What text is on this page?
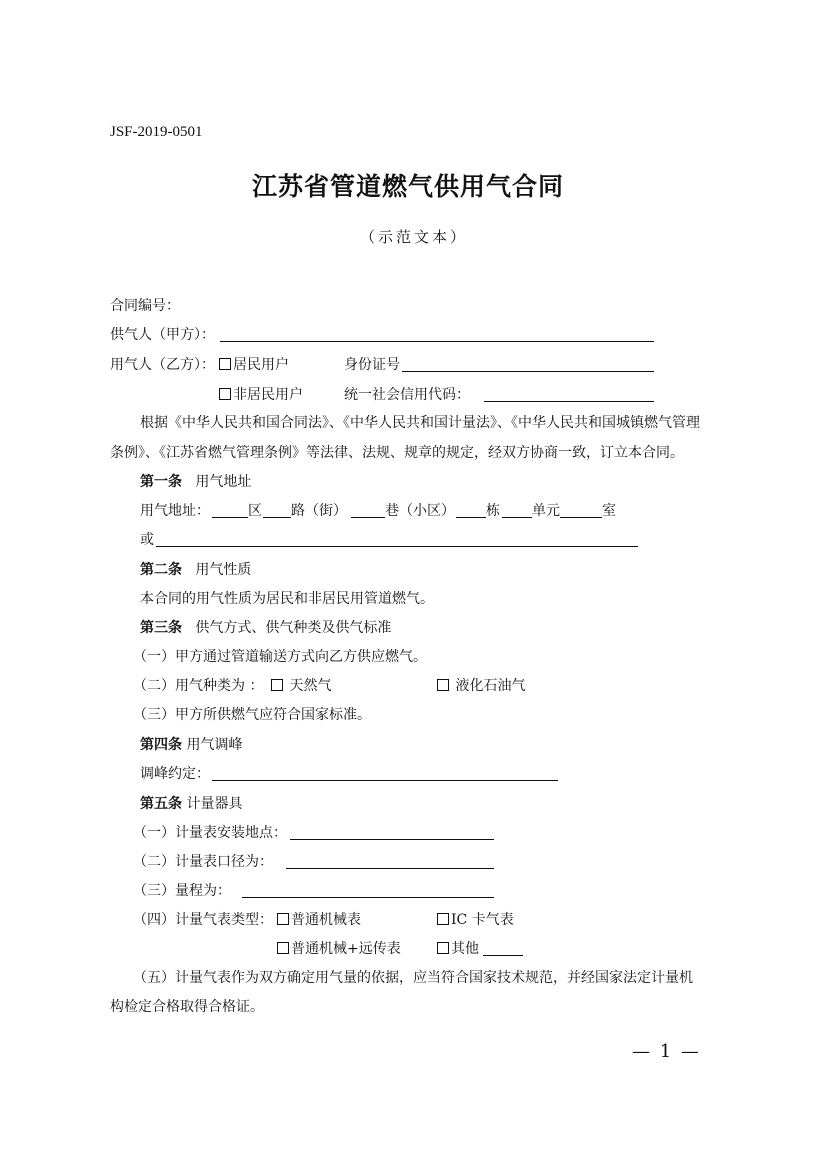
JSF-2019-0501
江苏省管道燃气供用气合同
（示范文本）
合同编号：
供气人（甲方）：
用气人（乙方）：	居民用户	身份证号
非居民用户	统一社会信用代码：
根据《中华人民共和国合同法》、《中华人民共和国计量法》、《中华人民共和国城镇燃气管理
条例》、《江苏省燃气管理条例》等法律、法规、规章的规定，经双方协商一致，订立本合同。
第一条 用气地址
用气地址：	区 路（街）	巷（小区） 栋 单元	室
或
第二条 用气性质
本合同的用气性质为居民和非居民用管道燃气。
第三条 供气方式、供气种类及供气标准
（一）甲方通过管道输送方式向乙方供应燃气。
（二）用气种类为 ：	天然气	液化石油气
（三）甲方所供燃气应符合国家标准。
第四条 用气调峰
调峰约定：
第五条 计量器具
（一）计量表安装地点：
（二）计量表口径为：
（三）量程为：
（四）计量气表类型：	普通机械表	IC 卡气表
普通机械+远传表	其他
（五）计量气表作为双方确定用气量的依据，应当符合国家技术规范，并经国家法定计量机
构检定合格取得合格证。
— 1 —
